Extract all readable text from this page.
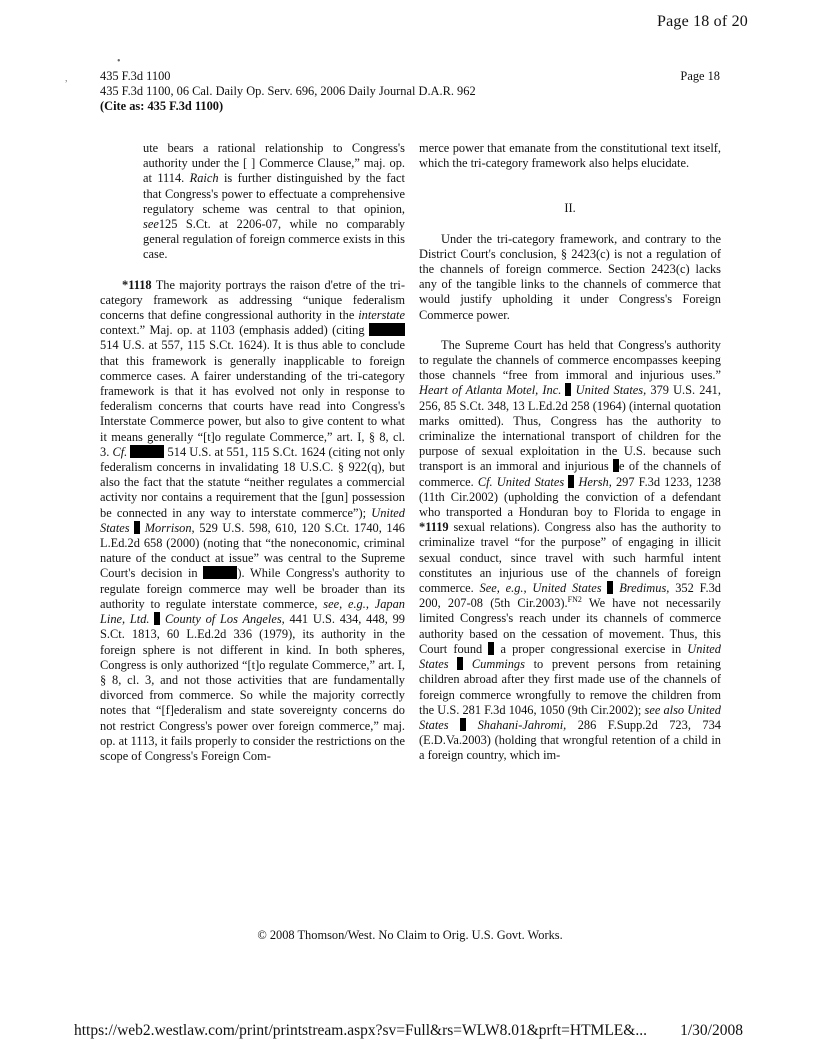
Page 18 of 20
•
,	435 F.3d 1100
435 F.3d 1100, 06 Cal. Daily Op. Serv. 696, 2006 Daily Journal D.A.R. 962
(Cite as: 435 F.3d 1100)
Page 18

ute bears a rational relationship to Congress's authority under the [ ] Commerce Clause,” maj. op. at 1114. Raich is further distinguished by the fact that Congress's power to effectuate a comprehensive regulatory scheme was central to that opinion, see125 S.Ct. at 2206-07, while no comparably general regulation of foreign commerce exists in this case.

*1118 The majority portrays the raison d'etre of the tri-category framework as addressing “unique federalism concerns that define congressional authority in the interstate context.” Maj. op. at 1103 (emphasis added) (citing  514 U.S. at 557, 115 S.Ct. 1624). It is thus able to conclude that this framework is generally inapplicable to foreign commerce cases. A fairer understanding of the tri-category framework is that it has evolved not only in response to federalism concerns that courts have read into Congress's Interstate Commerce power, but also to give content to what it means generally “[t]o regulate Commerce,” art. I, § 8, cl. 3. Cf.	514 U.S. at 551, 115 S.Ct. 1624 (citing not only federalism concerns in invalidating 18 U.S.C. § 922(q), but also the fact that the statute “neither regulates a commercial activity nor contains a requirement that the [gun] possession be connected in any way to interstate commerce”); United States Morrison, 529 U.S. 598, 610, 120 S.Ct. 1740, 146 L.Ed.2d 658 (2000) (noting that “the noneconomic, criminal nature of the conduct at issue” was central to the Supreme Court's decision in	). While Congress's authority to regulate foreign commerce may well be broader than its authority to regulate interstate commerce, see, e.g., Japan Line, Ltd. County of Los Angeles, 441 U.S. 434, 448, 99 S.Ct. 1813, 60 L.Ed.2d 336 (1979), its authority in the foreign sphere is not different in kind. In both spheres, Congress is only authorized “[t]o regulate Commerce,” art. I, § 8, cl. 3, and not those activities that are fundamentally divorced from commerce. So while the majority correctly notes that “[f]ederalism and state sovereignty concerns do not restrict Congress's power over foreign commerce,” maj. op. at 1113, it fails properly to consider the restrictions on the scope of Congress's Foreign Com-

merce power that emanate from the constitutional text itself, which the tri-category framework also helps elucidate.

II.

Under the tri-category framework, and contrary to the District Court's conclusion, § 2423(c) is not a regulation of the channels of foreign commerce. Section 2423(c) lacks any of the tangible links to the channels of commerce that would justify upholding it under Congress's Foreign Commerce power.

The Supreme Court has held that Congress's authority to regulate the channels of commerce encompasses keeping those channels “free from immoral and injurious uses.” Heart of Atlanta Motel, Inc. United States, 379 U.S. 241, 256, 85 S.Ct. 348, 13 L.Ed.2d 258 (1964) (internal quotation marks omitted). Thus, Congress has the authority to criminalize the international transport of children for the purpose of sexual exploitation in the U.S. because such transport is an immoral and injurious e of the channels of commerce. Cf. United States Hersh, 297 F.3d 1233, 1238 (11th Cir.2002) (upholding the conviction of a defendant who transported a Honduran boy to Florida to engage in *1119 sexual relations). Congress also has the authority to criminalize travel “for the purpose” of engaging in illicit sexual conduct, since travel with such harmful intent constitutes an injurious use of the channels of foreign commerce. See, e.g., United States Bredimus, 352 F.3d 200, 207-08 (5th Cir.2003).$^{FN2}$ We have not necessarily limited Congress's reach under its channels of commerce authority based on the cessation of movement. Thus, this Court found  a proper congressional exercise in United States Cummings to prevent persons from retaining children abroad after they first made use of the channels of foreign commerce wrongfully to remove the children from the U.S. 281 F.3d 1046, 1050 (9th Cir.2002); see also United States Shahani-Jahromi, 286 F.Supp.2d 723, 734 (E.D.Va.2003) (holding that wrongful retention of a child in a foreign country, which im-

© 2008 Thomson/West. No Claim to Orig. U.S. Govt. Works.
https://web2.westlaw.com/print/printstream.aspx?sv=Full&rs=WLW8.01&prft=HTMLE&... 1/30/2008
